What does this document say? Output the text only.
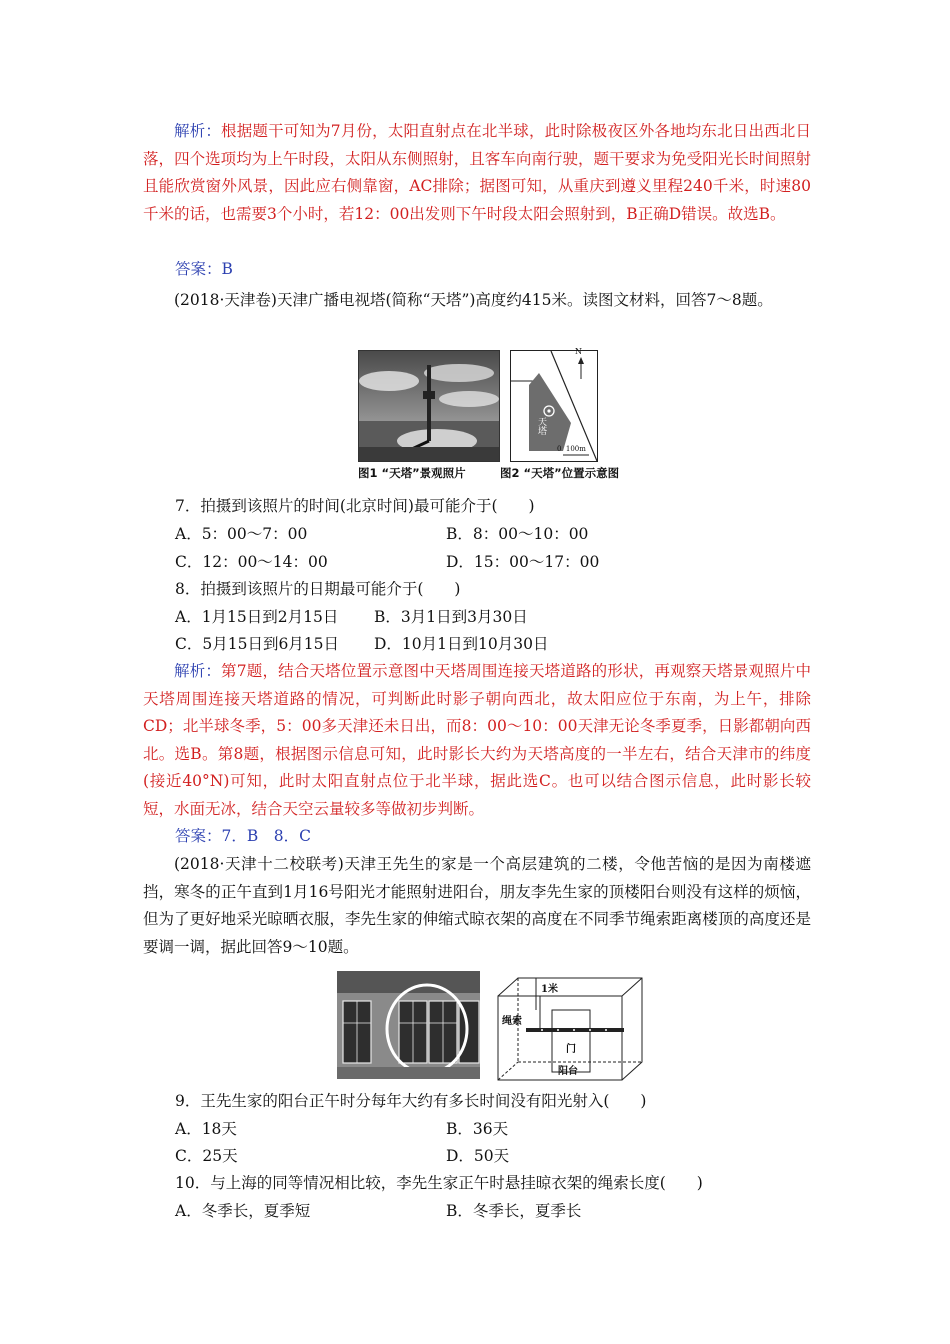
解析：根据题干可知为7月份，太阳直射点在北半球，此时除极夜区外各地均东北日出西北日落，四个选项均为上午时段，太阳从东侧照射，且客车向南行驶，题干要求为免受阳光长时间照射且能欣赏窗外风景，因此应右侧靠窗，AC排除；据图可知，从重庆到遵义里程240千米，时速80千米的话，也需要3个小时，若12：00出发则下午时段太阳会照射到，B正确D错误。故选B。

答案：B

(2018·天津卷)天津广播电视塔(简称“天塔”)高度约415米。读图文材料，回答7～8题。

N
天塔
0  100m
图1 “天塔”景观照片	图2 “天塔”位置示意图
7．拍摄到该照片的时间(北京时间)最可能介于(　　)
A．5：00～7：00	B．8：00～10：00
C．12：00～14：00	D．15：00～17：00
8．拍摄到该照片的日期最可能介于(　　)
A．1月15日到2月15日 B．3月1日到3月30日
C．5月15日到6月15日 D．10月1日到10月30日

解析：第7题，结合天塔位置示意图中天塔周围连接天塔道路的形状，再观察天塔景观照片中天塔周围连接天塔道路的情况，可判断此时影子朝向西北，故太阳应位于东南，为上午，排除CD；北半球冬季，5：00多天津还未日出，而8：00～10：00天津无论冬季夏季，日影都朝向西北。选B。第8题，根据图示信息可知，此时影长大约为天塔高度的一半左右，结合天津市的纬度(接近40°N)可知，此时太阳直射点位于北半球，据此选C。也可以结合图示信息，此时影长较短，水面无冰，结合天空云量较多等做初步判断。

答案：7．B　8．C

(2018·天津十二校联考)天津王先生的家是一个高层建筑的二楼，令他苦恼的是因为南楼遮挡，寒冬的正午直到1月16号阳光才能照射进阳台，朋友李先生家的顶楼阳台则没有这样的烦恼，但为了更好地采光晾晒衣服，李先生家的伸缩式晾衣架的高度在不同季节绳索距离楼顶的高度还是要调一调，据此回答9～10题。

1米
绳索
门
阳台
9．王先生家的阳台正午时分每年大约有多长时间没有阳光射入(　　)
A．18天	B．36天
C．25天	D．50天
10．与上海的同等情况相比较，李先生家正午时悬挂晾衣架的绳索长度(　　)
A．冬季长，夏季短	B．冬季长，夏季长
